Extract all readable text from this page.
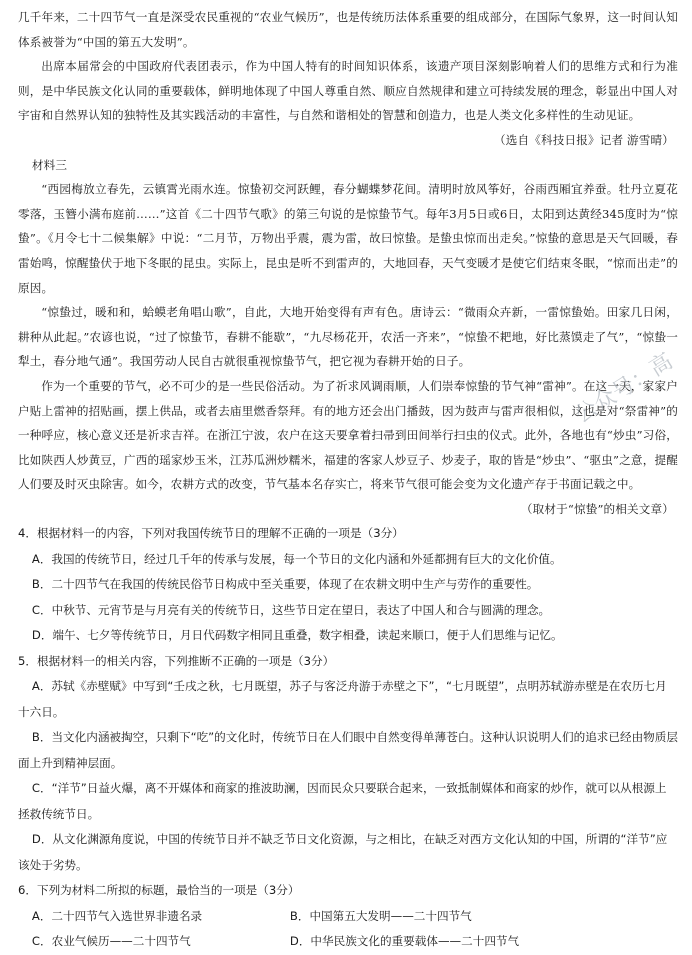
几千年来，二十四节气一直是深受农民重视的“农业气候历”，也是传统历法体系重要的组成部分，在国际气象界，这一时间认知体系被誉为“中国的第五大发明”。

出席本届常会的中国政府代表团表示，作为中国人特有的时间知识体系，该遗产项目深刻影响着人们的思维方式和行为准则，是中华民族文化认同的重要载体，鲜明地体现了中国人尊重自然、顺应自然规律和建立可持续发展的理念，彰显出中国人对宇宙和自然界认知的独特性及其实践活动的丰富性，与自然和谐相处的智慧和创造力，也是人类文化多样性的生动见证。

（选自《科技日报》记者 游雪晴）

材料三

“西园梅放立春先，云镇霄光雨水连。惊蛰初交河跃鲤，春分蝴蝶梦花间。清明时放风筝好，谷雨西厢宜养蚕。牡丹立夏花零落，玉簪小满布庭前……”这首《二十四节气歌》的第三句说的是惊蛰节气。每年3月5日或6日，太阳到达黄经345度时为“惊蛰”。《月令七十二候集解》中说：“二月节，万物出乎震，震为雷，故曰惊蛰。是蛰虫惊而出走矣。”惊蛰的意思是天气回暖，春雷始鸣，惊醒蛰伏于地下冬眠的昆虫。实际上，昆虫是听不到雷声的，大地回春，天气变暖才是使它们结束冬眠，“惊而出走”的原因。

“惊蛰过，暖和和，蛤蟆老角唱山歌”，自此，大地开始变得有声有色。唐诗云：“微雨众卉新，一雷惊蛰始。田家几日闲，耕种从此起。”农谚也说，“过了惊蛰节，春耕不能歇”，“九尽杨花开，农活一齐来”，“惊蛰不耙地，好比蒸馍走了气”，“惊蛰一犁土，春分地气通”。我国劳动人民自古就很重视惊蛰节气，把它视为春耕开始的日子。

作为一个重要的节气，必不可少的是一些民俗活动。为了祈求风调雨顺，人们崇奉惊蛰的节气神“雷神”。在这一天，家家户户贴上雷神的招贴画，摆上供品，或者去庙里燃香祭拜。有的地方还会出门播鼓，因为鼓声与雷声很相似，这也是对“祭雷神”的一种呼应，核心意义还是祈求吉祥。在浙江宁波，农户在这天要拿着扫帚到田间举行扫虫的仪式。此外，各地也有“炒虫”习俗，比如陕西人炒黄豆，广西的瑶家炒玉米，江苏瓜洲炒糯米，福建的客家人炒豆子、炒麦子，取的皆是“炒虫”、“驱虫”之意，提醒人们要及时灭虫除害。如今，农耕方式的改变，节气基本名存实亡，将来节气很可能会变为文化遗产存于书面记载之中。

（取材于“惊蛰”的相关文章）

4．根据材料一的内容，下列对我国传统节日的理解不正确的一项是（3分）

A．我国的传统节日，经过几千年的传承与发展，每一个节日的文化内涵和外延都拥有巨大的文化价值。

B．二十四节气在我国的传统民俗节日构成中至关重要，体现了在农耕文明中生产与劳作的重要性。

C．中秋节、元宵节是与月亮有关的传统节日，这些节日定在望日，表达了中国人和合与圆满的理念。

D．端午、七夕等传统节日，月日代码数字相同且重叠，数字相叠，读起来顺口，便于人们思维与记忆。

5．根据材料一的相关内容，下列推断不正确的一项是（3分）

A．苏轼《赤壁赋》中写到“壬戌之秋，七月既望，苏子与客泛舟游于赤壁之下”，“七月既望”，点明苏轼游赤壁是在农历七月十六日。

B．当文化内涵被掏空，只剩下“吃”的文化时，传统节日在人们眼中自然变得单薄苍白。这种认识说明人们的追求已经由物质层面上升到精神层面。

C．“洋节”日益火爆，离不开媒体和商家的推波助澜，因而民众只要联合起来，一致抵制媒体和商家的炒作，就可以从根源上拯救传统节日。

D．从文化渊源角度说，中国的传统节日并不缺乏节日文化资源，与之相比，在缺乏对西方文化认知的中国，所谓的“洋节”应该处于劣势。

6．下列为材料二所拟的标题，最恰当的一项是（3分）

A．二十四节气入选世界非遗名录	B．中国第五大发明——二十四节气
C．农业气候历——二十四节气	D．中华民族文化的重要载体——二十四节气
公众号：高
